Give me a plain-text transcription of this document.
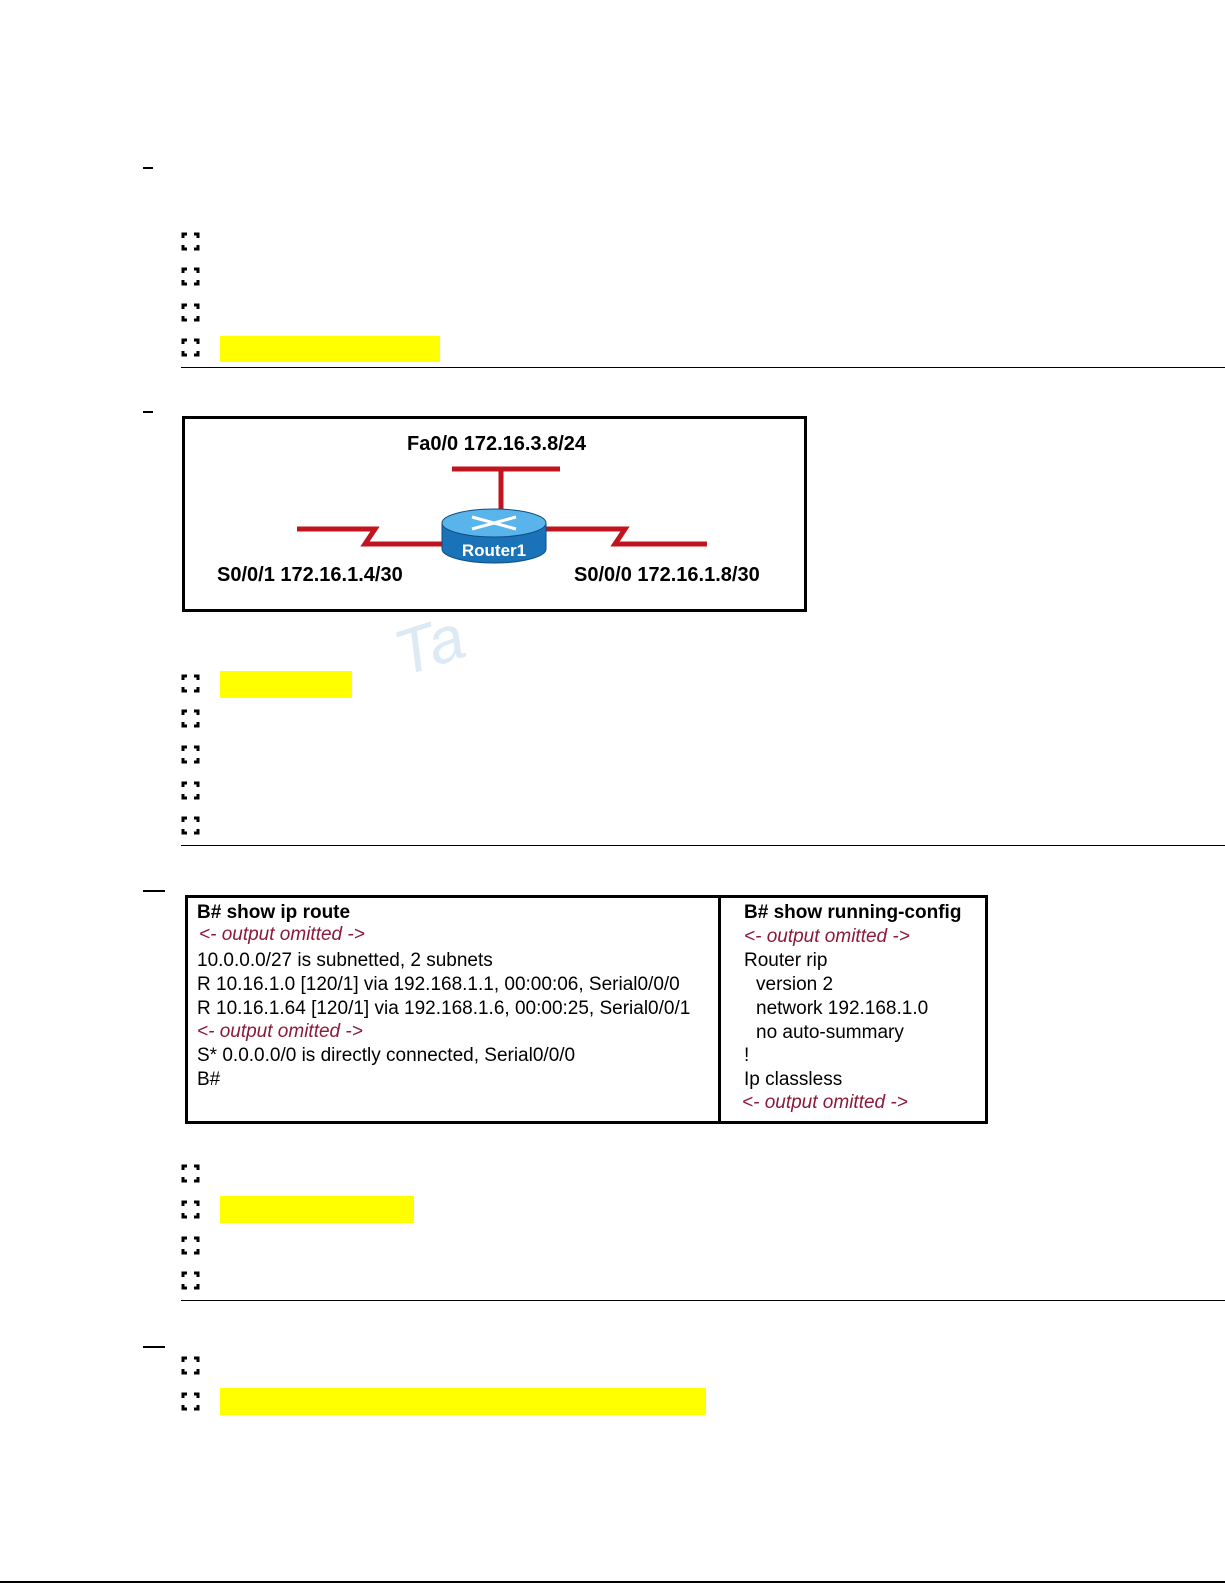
Fa0/0 172.16.3.8/24
Router1
S0/0/1 172.16.1.4/30	S0/0/0 172.16.1.8/30
Ta
B# show ip route
<- output omitted ->
10.0.0.0/27 is subnetted, 2 subnets
R 10.16.1.0 [120/1] via 192.168.1.1, 00:00:06, Serial0/0/0
R 10.16.1.64 [120/1] via 192.168.1.6, 00:00:25, Serial0/0/1
<- output omitted ->
S* 0.0.0.0/0 is directly connected, Serial0/0/0
B#
B# show running-config
<- output omitted ->
Router rip
version 2
network 192.168.1.0
no auto-summary
!
Ip classless
<- output omitted ->
